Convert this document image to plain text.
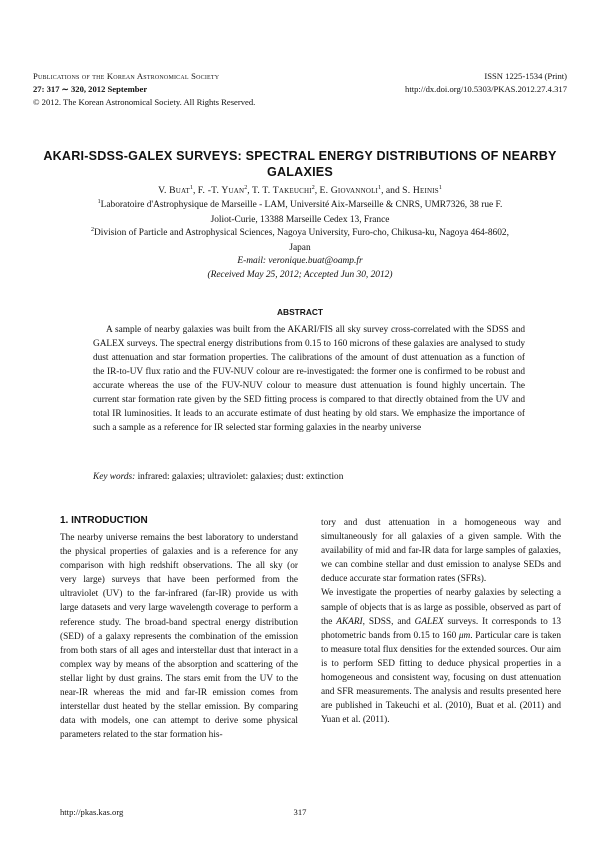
Publications of the Korean Astronomical Society
27: 317 ∼ 320, 2012 September
© 2012. The Korean Astronomical Society. All Rights Reserved.
ISSN 1225-1534 (Print)
http://dx.doi.org/10.5303/PKAS.2012.27.4.317
AKARI-SDSS-GALEX SURVEYS: SPECTRAL ENERGY DISTRIBUTIONS OF NEARBY
GALAXIES
V. Buat$^1$, F. -T. Yuan$^2$, T. T. Takeuchi$^2$, E. Giovannoli$^1$, and S. Heinis$^1$
$^1$Laboratoire d'Astrophysique de Marseille - LAM, Université Aix-Marseille & CNRS, UMR7326, 38 rue F.
Joliot-Curie, 13388 Marseille Cedex 13, France
$^2$Division of Particle and Astrophysical Sciences, Nagoya University, Furo-cho, Chikusa-ku, Nagoya 464-8602,
Japan
E-mail: veronique.buat@oamp.fr
(Received May 25, 2012; Accepted Jun 30, 2012)
ABSTRACT

A sample of nearby galaxies was built from the AKARI/FIS all sky survey cross-correlated with the SDSS and GALEX surveys. The spectral energy distributions from 0.15 to 160 microns of these galaxies are analysed to study dust attenuation and star formation properties. The calibrations of the amount of dust attenuation as a function of the IR-to-UV flux ratio and the FUV-NUV colour are re-investigated: the former one is confirmed to be robust and accurate whereas the use of the FUV-NUV colour to measure dust attenuation is found highly uncertain. The current star formation rate given by the SED fitting process is compared to that directly obtained from the UV and total IR luminosities. It leads to an accurate estimate of dust heating by old stars. We emphasize the importance of such a sample as a reference for IR selected star forming galaxies in the nearby universe

Key words: infrared: galaxies; ultraviolet: galaxies; dust: extinction
1. INTRODUCTION

The nearby universe remains the best laboratory to understand the physical properties of galaxies and is a reference for any comparison with high redshift observations. The all sky (or very large) surveys that have been performed from the ultraviolet (UV) to the far-infrared (far-IR) provide us with large datasets and very large wavelength coverage to perform a reference study. The broad-band spectral energy distribution (SED) of a galaxy represents the combination of the emission from both stars of all ages and interstellar dust that interact in a complex way by means of the absorption and scattering of the stellar light by dust grains. The stars emit from the UV to the near-IR whereas the mid and far-IR emission comes from interstellar dust heated by the stellar emission. By comparing data with models, one can attempt to derive some physical parameters related to the star formation his-

tory and dust attenuation in a homogeneous way and simultaneously for all galaxies of a given sample. With the availability of mid and far-IR data for large samples of galaxies, we can combine stellar and dust emission to analyse SEDs and deduce accurate star formation rates (SFRs).

We investigate the properties of nearby galaxies by selecting a sample of objects that is as large as possible, observed as part of the AKARI, SDSS, and GALEX surveys. It corresponds to 13 photometric bands from 0.15 to 160 μm. Particular care is taken to measure total flux densities for the extended sources. Our aim is to perform SED fitting to deduce physical properties in a homogeneous and consistent way, focusing on dust attenuation and SFR measurements. The analysis and results presented here are published in Takeuchi et al. (2010), Buat et al. (2011) and Yuan et al. (2011).

http://pkas.kas.org	317
